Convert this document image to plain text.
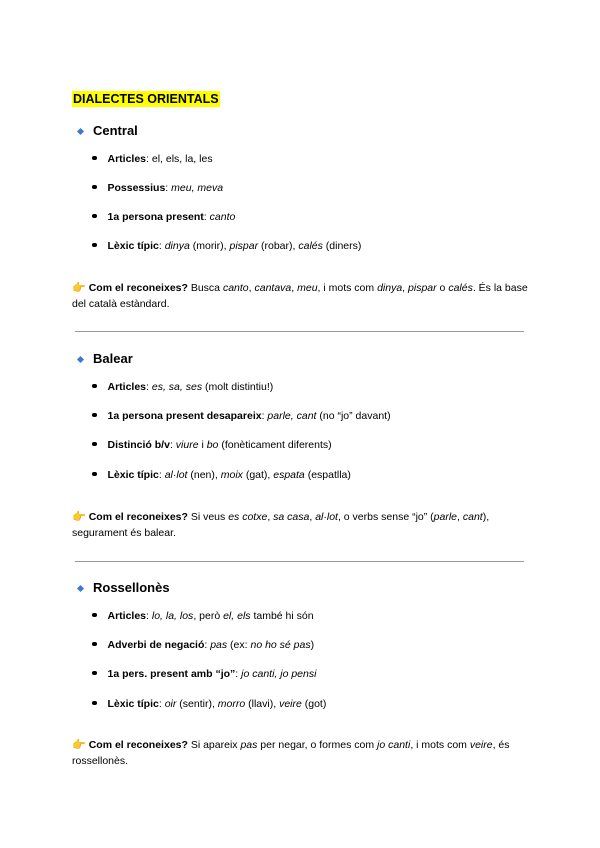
DIALECTES ORIENTALS
Central
Articles: el, els, la, les
Possessius: meu, meva
1a persona present: canto
Lèxic típic: dinya (morir), pispar (robar), calés (diners)
👉 Com el reconeixes? Busca canto, cantava, meu, i mots com dinya, pispar o calés. És la base del català estàndard.
Balear
Articles: es, sa, ses (molt distintiu!)
1a persona present desapareix: parle, cant (no “jo” davant)
Distinció b/v: viure i bo (fonèticament diferents)
Lèxic típic: al·lot (nen), moix (gat), espata (espatlla)
👉 Com el reconeixes? Si veus es cotxe, sa casa, al·lot, o verbs sense “jo” (parle, cant), segurament és balear.
Rossellonès
Articles: lo, la, los, però el, els també hi són
Adverbi de negació: pas (ex: no ho sé pas)
1a pers. present amb “jo”: jo canti, jo pensi
Lèxic típic: oir (sentir), morro (llavi), veire (got)
👉 Com el reconeixes? Si apareix pas per negar, o formes com jo canti, i mots com veire, és rossellonès.
